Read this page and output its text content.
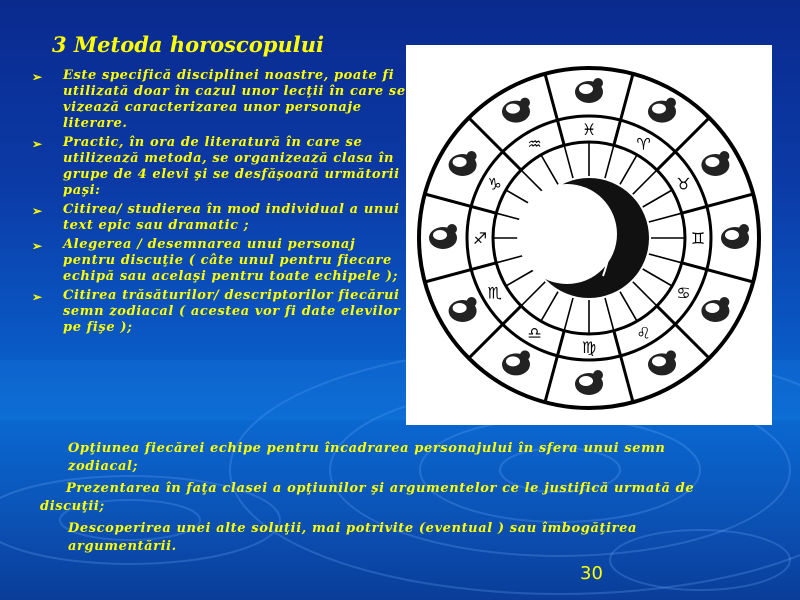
3 Metoda horoscopului
➢ Este specifică disciplinei noastre, poate fi utilizată doar în cazul unor lecţii în care se vizează caracterizarea unor personaje literare.
➢ Practic, în ora de literatură în care se utilizează metoda, se organizează clasa în grupe de 4 elevi şi se desfăşoară următorii paşi:
➢ Citirea/ studierea în mod individual a unui text epic sau dramatic ;
➢ Alegerea / desemnarea unui personaj pentru discuţie ( câte unul pentru fiecare echipă sau acelaşi pentru toate echipele );
➢ Citirea trăsăturilor/ descriptorilor fiecărui semn zodiacal ( acestea vor fi date elevilor pe fişe );
♈
♉
♊
♋
♌
♍
♎
♏
♐
♑
♒
♓

Opţiunea fiecărei echipe pentru încadrarea personajului în sfera unui semn zodiacal;

Prezentarea în faţa clasei a opţiunilor şi argumentelor ce le justifică urmată de discuţii;

Descoperirea unei alte soluţii, mai potrivite (eventual ) sau îmbogăţirea argumentării.

30
